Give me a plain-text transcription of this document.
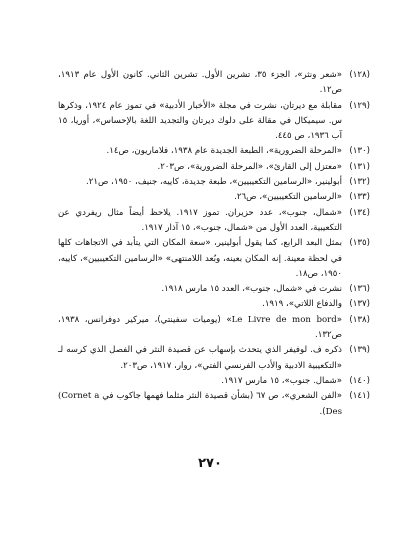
(١٢٨)
«شعر ونثر»، الجزء ٣٥، تشرين الأول. تشرين الثاني. كانون الأول عام ١٩١٣، ص١٢.

(١٢٩)
مقابلة مع ديرتان، نشرت في مجلة «الأخبار الأدبية» في تموز عام ١٩٢٤، وذكرها س. سيميكال في مقالة على دلوك ديرتان والتجديد اللغة بالإحساس»، أوريا، ١٥ آب ١٩٣٦، ص ٤٤٥.

(١٣٠)
«المرحلة الضرورية»، الطبعة الجديدة عام ١٩٣٨، فلاماريون، ص١٤.

(١٣١)
«معتزل إلى القارئ»، «المرحلة الضرورية»، ص٢٠٣.

(١٣٢)
أبولينير، «الرسامين التكعيبيين»، طبعة جديدة، كاييه، جنيف، ١٩٥٠، ص٢١.

(١٣٣)
«الرسامين التكعيبيين»، ص٢٦.

(١٣٤)
«شمال، جنوب»، عدد حزيران. تموز ١٩١٧. يلاحظ أيضاً مثال ريفردي عن التكعيبية، العدد الأول من «شمال، جنوب»، ١٥ آذار ١٩١٧.

(١٣٥)
بمثل البعد الرابع، كما يقول أبولينير، «سعة المكان التي يتأبد في الاتجاهات كلها في لحظة معينة. إنه المكان بعينه، وبُعد اللامنتهى» «الرسامين التكعيبيين»، كاييه، ١٩٥٠، ص١٨.

(١٣٦)
نشرت في «شمال، جنوب»، العدد ١٥ مارس ١٩١٨.

(١٣٧)
والدفاع اللاتي»، ١٩١٩.

(١٣٨)
«Le Livre de mon bord» (يوميات سفينتي)، ميركير دوفرانس، ١٩٣٨، ص١٣٢.

(١٣٩)
ذكره ف. لوفيفر الذي يتحدث بإسهاب عن قصيدة النثر في الفصل الذي كرسه لـ «التكعيبية الادبية والأدب الفرنسي الفتي»، روار، ١٩١٧، ص٢٠٣.

(١٤٠)
«شمال. جنوب»، ١٥ مارس ١٩١٧.

(١٤١)
«الفن الشعري»، ص ٦٧ (بشأن قصيدة النثر مثلما فهمها جاكوب في (Cornet a Des).

٢٧٠
